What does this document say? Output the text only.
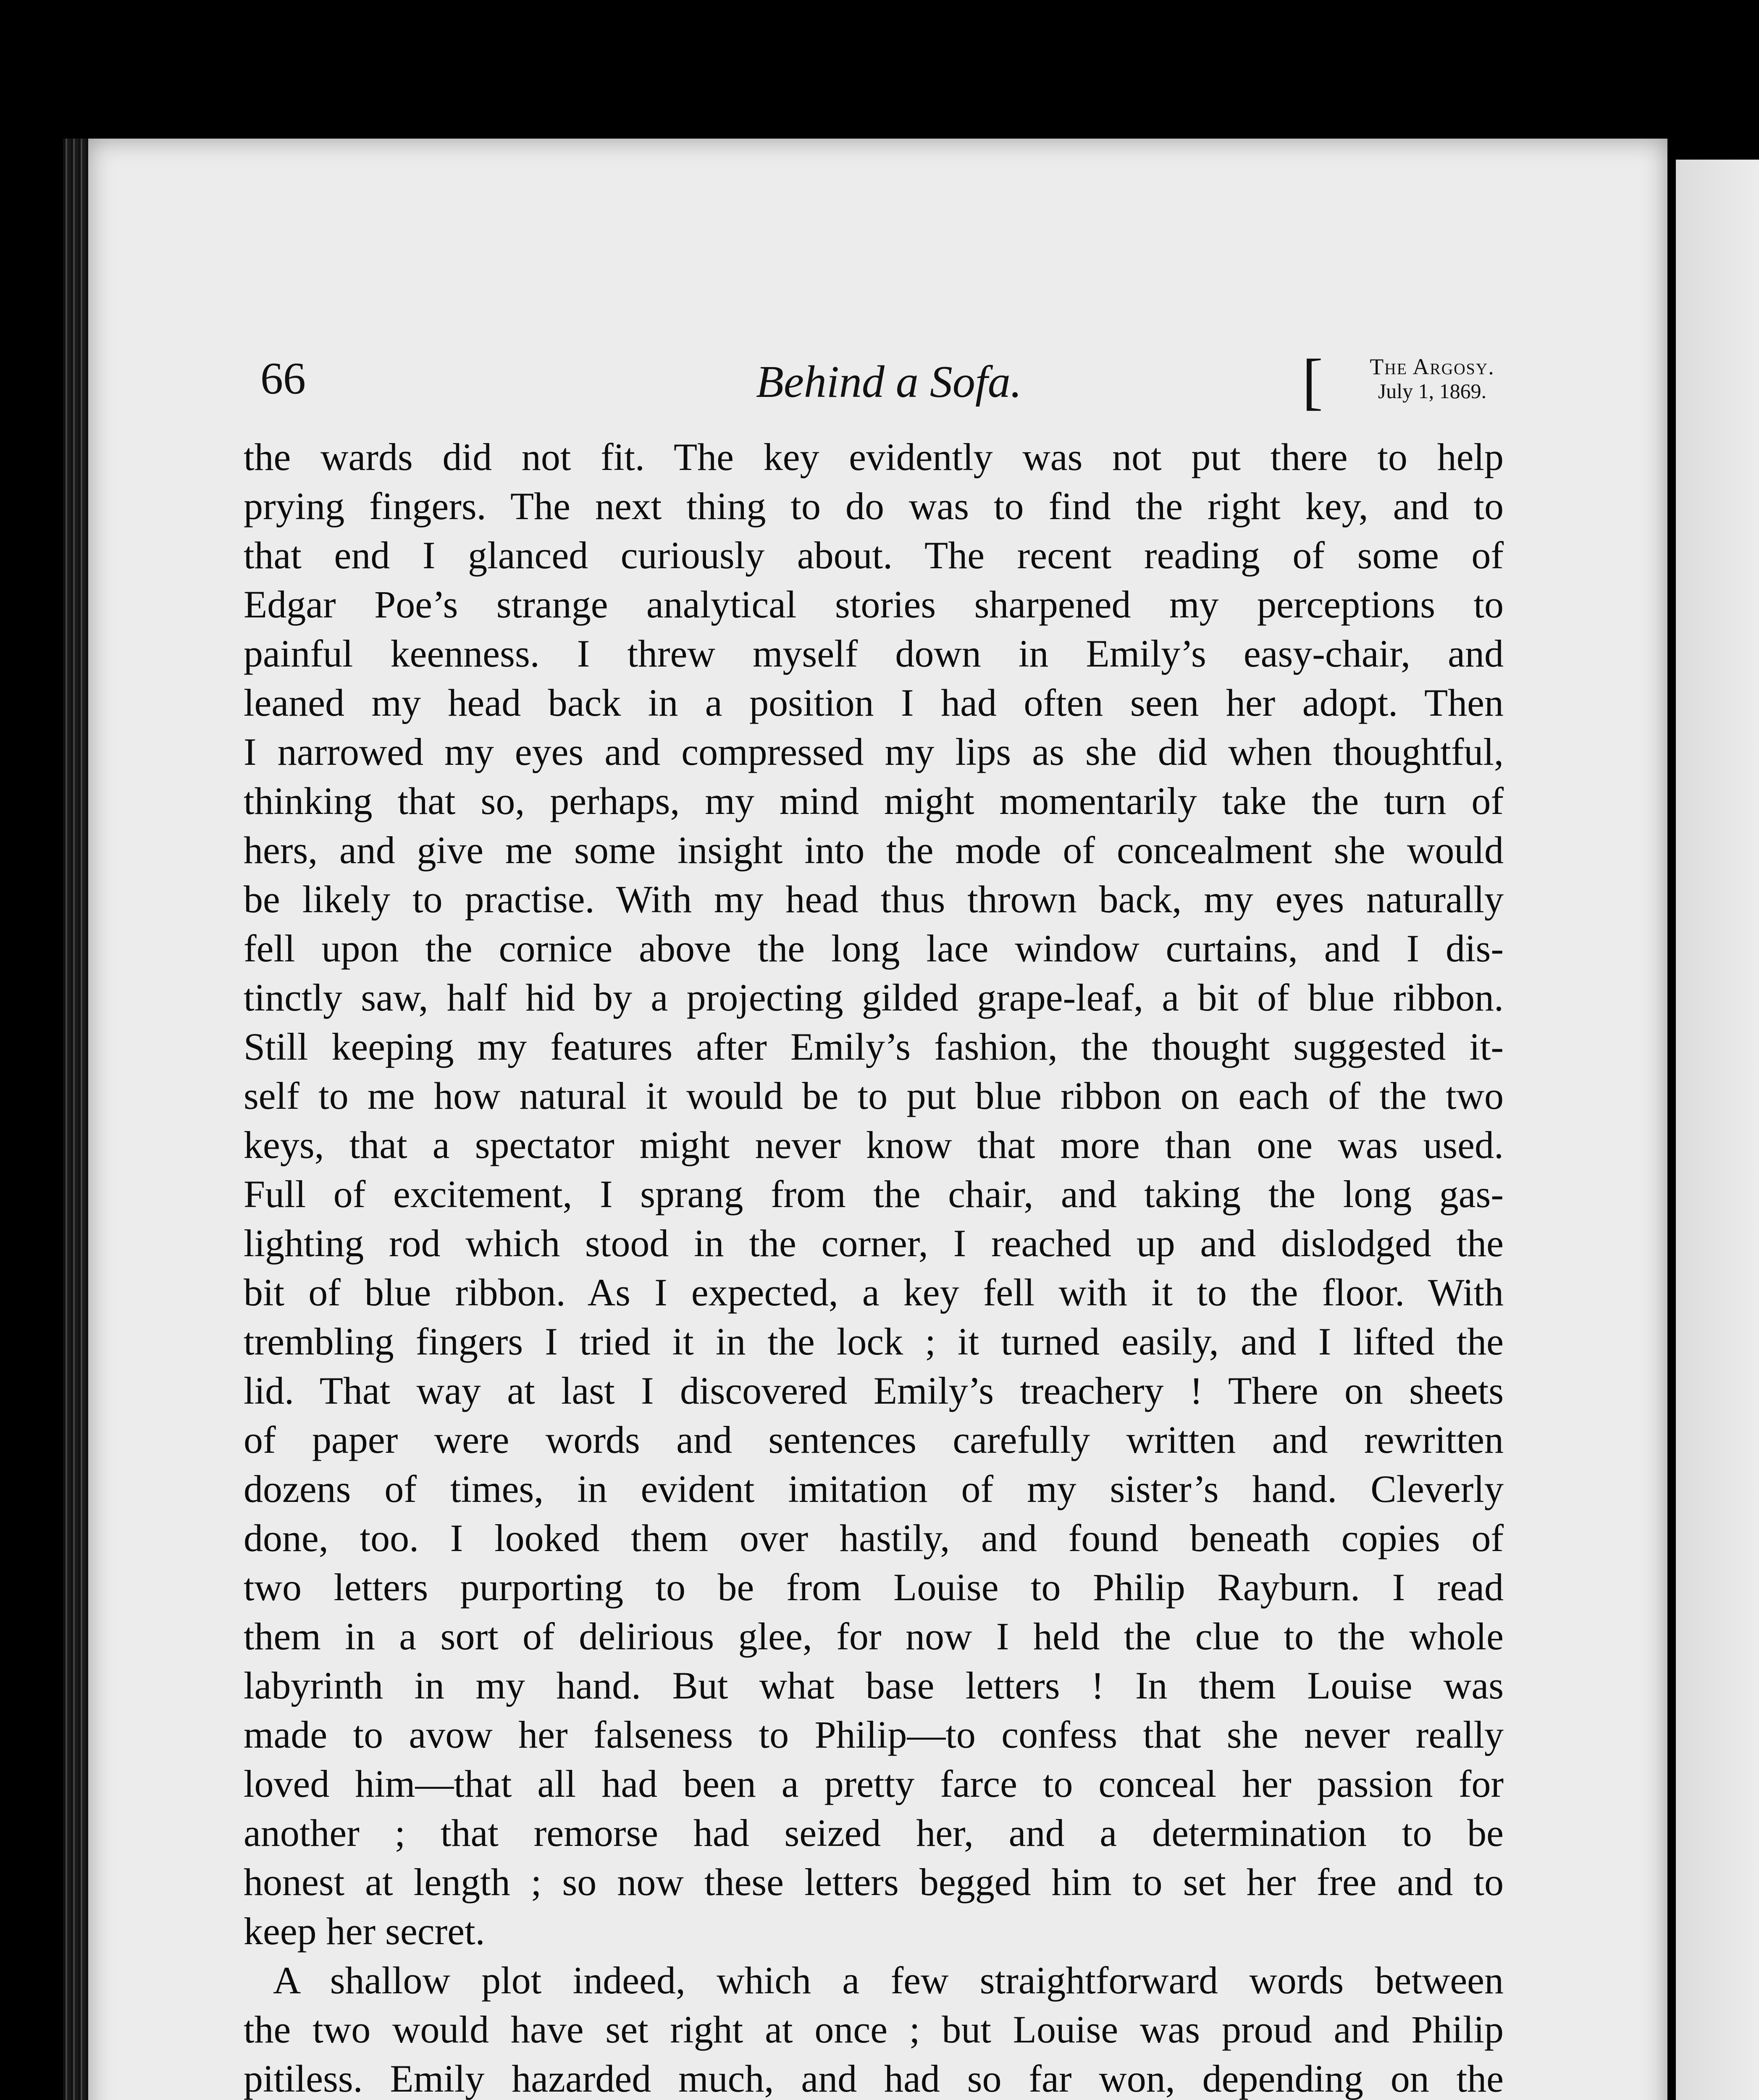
66	Behind a Sofa.	[	The Argosy.
July 1, 1869.
the wards did not fit. The key evidently was not put there to help
prying fingers. The next thing to do was to find the right key, and to
that end I glanced curiously about. The recent reading of some of
Edgar Poe’s strange analytical stories sharpened my perceptions to
painful keenness. I threw myself down in Emily’s easy-chair, and
leaned my head back in a position I had often seen her adopt. Then
I narrowed my eyes and compressed my lips as she did when thoughtful,
thinking that so, perhaps, my mind might momentarily take the turn of
hers, and give me some insight into the mode of concealment she would
be likely to practise. With my head thus thrown back, my eyes naturally
fell upon the cornice above the long lace window curtains, and I dis-
tinctly saw, half hid by a projecting gilded grape-leaf, a bit of blue ribbon.
Still keeping my features after Emily’s fashion, the thought suggested it-
self to me how natural it would be to put blue ribbon on each of the two
keys, that a spectator might never know that more than one was used.
Full of excitement, I sprang from the chair, and taking the long gas-
lighting rod which stood in the corner, I reached up and dislodged the
bit of blue ribbon. As I expected, a key fell with it to the floor. With
trembling fingers I tried it in the lock ; it turned easily, and I lifted the
lid. That way at last I discovered Emily’s treachery ! There on sheets
of paper were words and sentences carefully written and rewritten
dozens of times, in evident imitation of my sister’s hand. Cleverly
done, too. I looked them over hastily, and found beneath copies of
two letters purporting to be from Louise to Philip Rayburn. I read
them in a sort of delirious glee, for now I held the clue to the whole
labyrinth in my hand. But what base letters ! In them Louise was
made to avow her falseness to Philip—to confess that she never really
loved him—that all had been a pretty farce to conceal her passion for
another ; that remorse had seized her, and a determination to be
honest at length ; so now these letters begged him to set her free and to
keep her secret.
A shallow plot indeed, which a few straightforward words between
the two would have set right at once ; but Louise was proud and Philip
pitiless. Emily hazarded much, and had so far won, depending on the
